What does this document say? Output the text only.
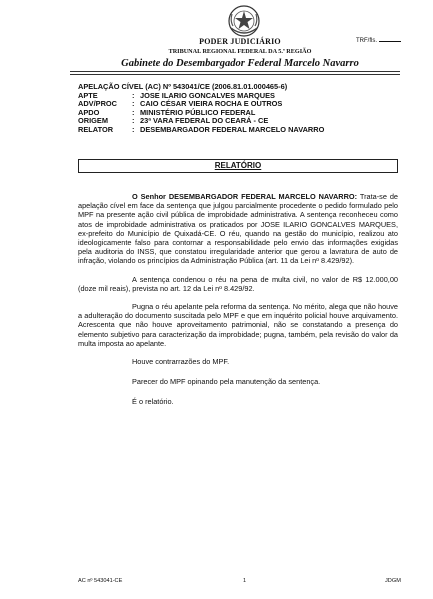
PODER JUDICIÁRIO	TRF/fls.
TRIBUNAL REGIONAL FEDERAL DA 5.ª REGIÃO
Gabinete do Desembargador Federal Marcelo Navarro
APELAÇÃO CÍVEL (AC) Nº 543041/CE (2006.81.01.000465-6)
APTE	: JOSE ILARIO GONCALVES MARQUES
ADV/PROC	: CAIO CÉSAR VIEIRA ROCHA E OUTROS
APDO	: MINISTÉRIO PÚBLICO FEDERAL
ORIGEM	: 23ª VARA FEDERAL DO CEARÁ - CE
RELATOR	: DESEMBARGADOR FEDERAL MARCELO NAVARRO
RELATÓRIO

O Senhor DESEMBARGADOR FEDERAL MARCELO NAVARRO: Trata-se de apelação cível em face da sentença que julgou parcialmente procedente o pedido formulado pelo MPF na presente ação civil pública de improbidade administrativa. A sentença reconheceu como atos de improbidade administrativa os praticados por JOSE ILARIO GONCALVES MARQUES, ex-prefeito do Município de Quixadá-CE. O réu, quando na gestão do município, realizou ato ideologicamente falso para contornar a responsabilidade pelo envio das informações exigidas pela auditoria do INSS, que constatou irregularidade anterior que gerou a lavratura de auto de infração, violando os princípios da Administração Pública (art. 11 da Lei nº 8.429/92).

A sentença condenou o réu na pena de multa civil, no valor de R$ 12.000,00 (doze mil reais), prevista no art. 12 da Lei nº 8.429/92.

Pugna o réu apelante pela reforma da sentença. No mérito, alega que não houve a adulteração do documento suscitada pelo MPF e que em inquérito policial houve arquivamento. Acrescenta que não houve aproveitamento patrimonial, não se constatando a presença do elemento subjetivo para caracterização da improbidade; pugna, também, pela revisão do valor da multa imposta ao apelante.

Houve contrarrazões do MPF.

Parecer do MPF opinando pela manutenção da sentença.

É o relatório.

AC nº 543041-CE	1	JDGM
